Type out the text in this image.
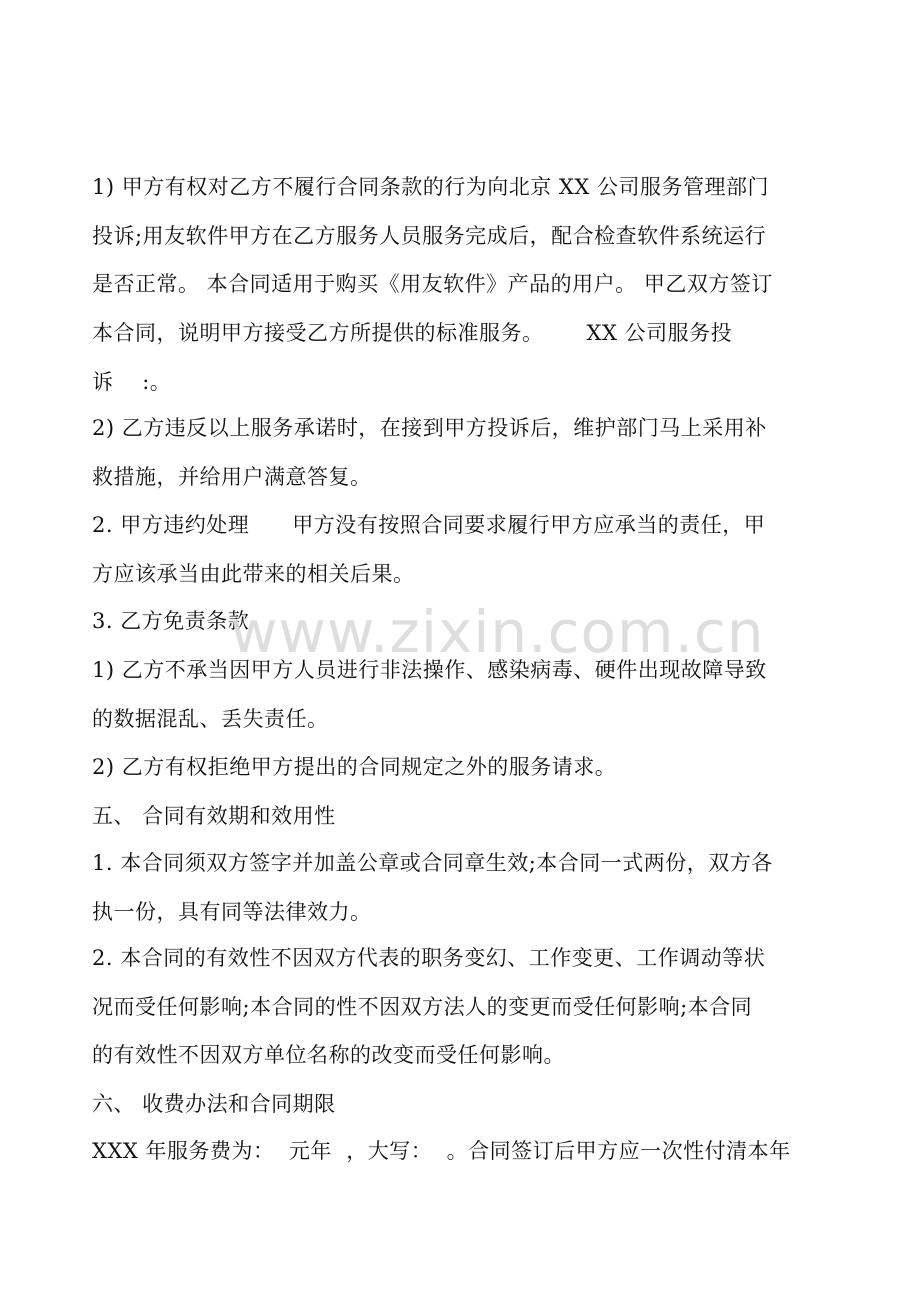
1) 甲方有权对乙方不履行合同条款的行为向北京 XX 公司服务管理部门
投诉;用友软件甲方在乙方服务人员服务完成后，配合检查软件系统运行
是否正常。 本合同适用于购买《用友软件》产品的用户。 甲乙双方签订
本合同，说明甲方接受乙方所提供的标准服务。      XX 公司服务投
诉    :。
2) 乙方违反以上服务承诺时，在接到甲方投诉后，维护部门马上采用补
救措施，并给用户满意答复。
2. 甲方违约处理      甲方没有按照合同要求履行甲方应承当的责任，甲
方应该承当由此带来的相关后果。
3. 乙方免责条款
1) 乙方不承当因甲方人员进行非法操作、感染病毒、硬件出现故障导致
的数据混乱、丢失责任。
2) 乙方有权拒绝甲方提出的合同规定之外的服务请求。
五、 合同有效期和效用性
1. 本合同须双方签字并加盖公章或合同章生效;本合同一式两份，双方各
执一份，具有同等法律效力。
2. 本合同的有效性不因双方代表的职务变幻、工作变更、工作调动等状
况而受任何影响;本合同的性不因双方法人的变更而受任何影响;本合同
的有效性不因双方单位名称的改变而受任何影响。
六、 收费办法和合同期限
XXX 年服务费为：  元年  ，大写：  。合同签订后甲方应一次性付清本年
www.zixin.com.cn
